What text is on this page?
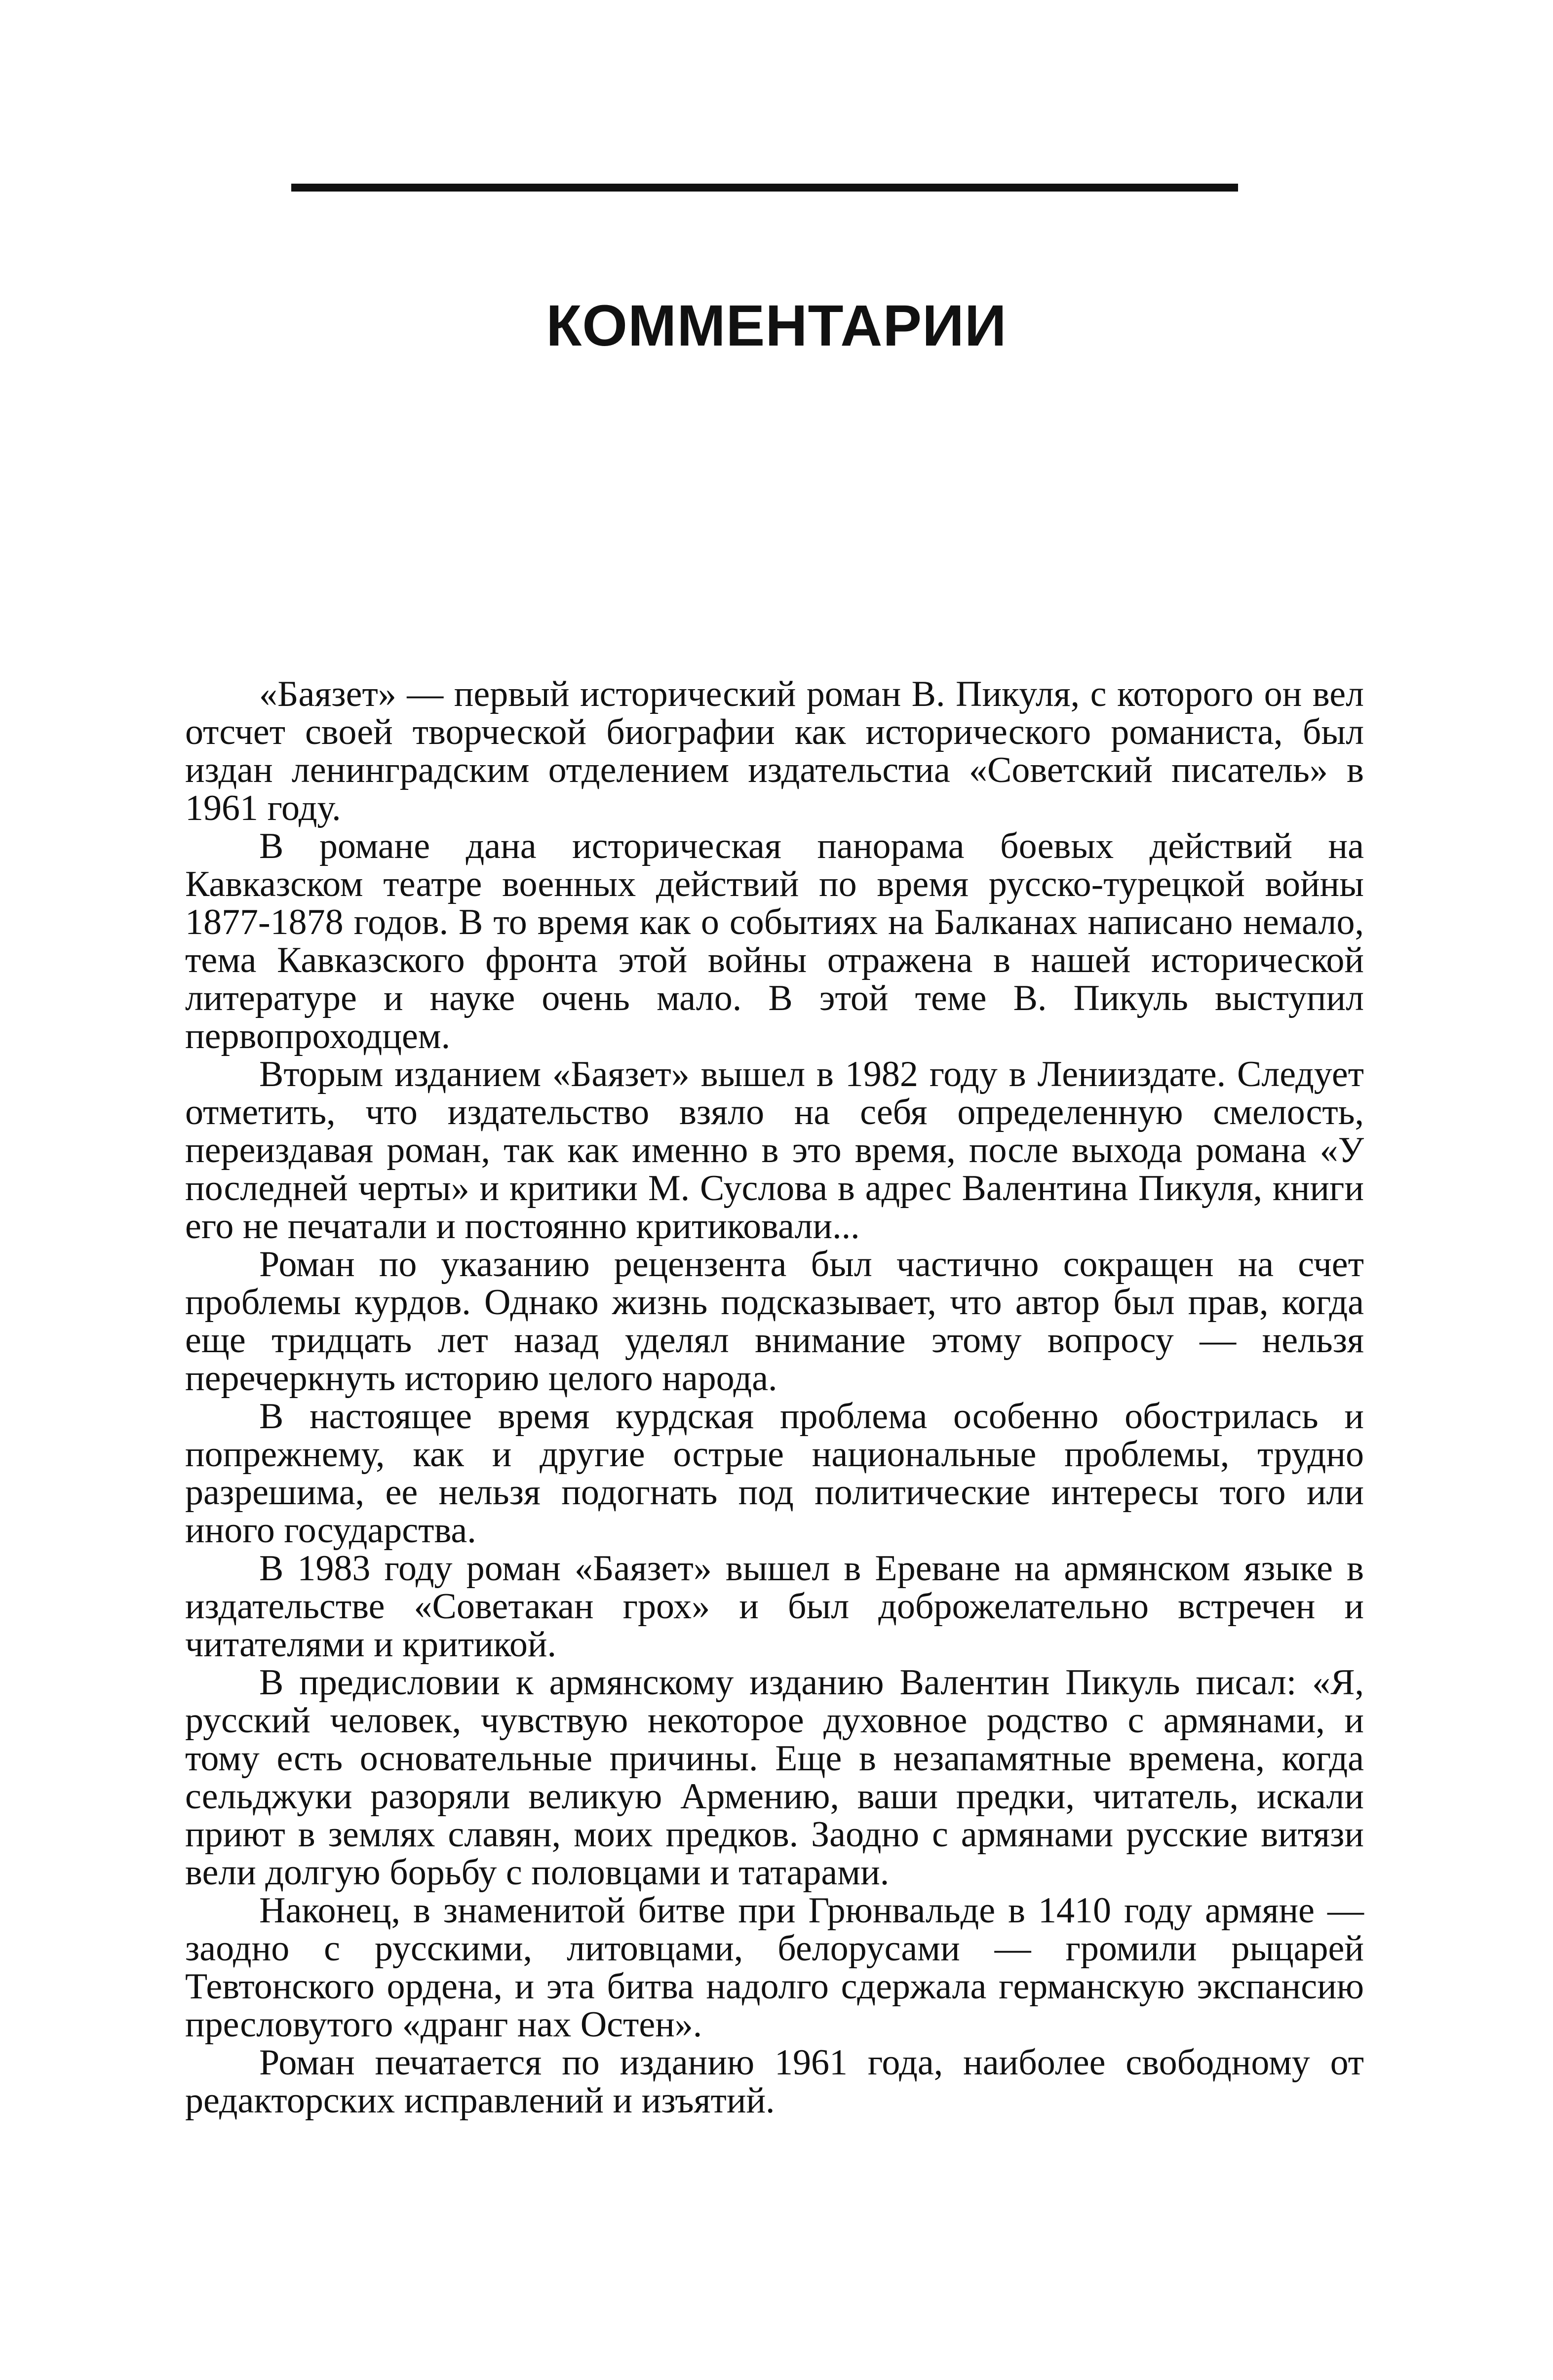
КОММЕНТАРИИ

«Баязет» — первый исторический роман В. Пикуля, с которого он вел отсчет своей творческой биографии как исторического романиста, был издан ленинградским отделением издательстиа «Советский писатель» в 1961 году.

В романе дана историческая панорама боевых действий на Кавказском театре военных действий по время русско-турецкой войны 1877-1878 годов. В то время как о событиях на Балканах написано немало, тема Кавказского фронта этой войны отражена в нашей исторической литературе и науке очень мало. В этой теме В. Пикуль выступил первопроходцем.

Вторым изданием «Баязет» вышел в 1982 году в Ленииздате. Следует отметить, что издательство взяло на себя определенную смелость, переиздавая роман, так как именно в это время, после выхода романа «У последней черты» и критики М. Суслова в адрес Валентина Пикуля, книги его не печатали и постоянно критиковали...

Роман по указанию рецензента был частично сокращен на счет проблемы курдов. Однако жизнь подсказывает, что автор был прав, когда еще тридцать лет назад уделял внимание этому вопросу — нельзя перечеркнуть историю целого народа.

В настоящее время курдская проблема особенно обострилась и попрежнему, как и другие острые национальные проблемы, трудно разрешима, ее нельзя подогнать под политические интересы того или иного государства.

В 1983 году роман «Баязет» вышел в Ереване на армянском языке в издательстве «Советакан грох» и был доброжелательно встречен и читателями и критикой.

В предисловии к армянскому изданию Валентин Пикуль писал: «Я, русский человек, чувствую некоторое духовное родство с армянами, и тому есть основательные причины. Еще в незапамятные времена, когда сельджуки разоряли великую Армению, ваши предки, читатель, искали приют в землях славян, моих предков. Заодно с армянами русские витязи вели долгую борьбу с половцами и татарами.

Наконец, в знаменитой битве при Грюнвальде в 1410 году армяне — заодно с русскими, литовцами, белорусами — громили рыцарей Тевтонского ордена, и эта битва надолго сдержала германскую экспансию пресловутого «дранг нах Остен».

Роман печатается по изданию 1961 года, наиболее свободному от редакторских исправлений и изъятий.
